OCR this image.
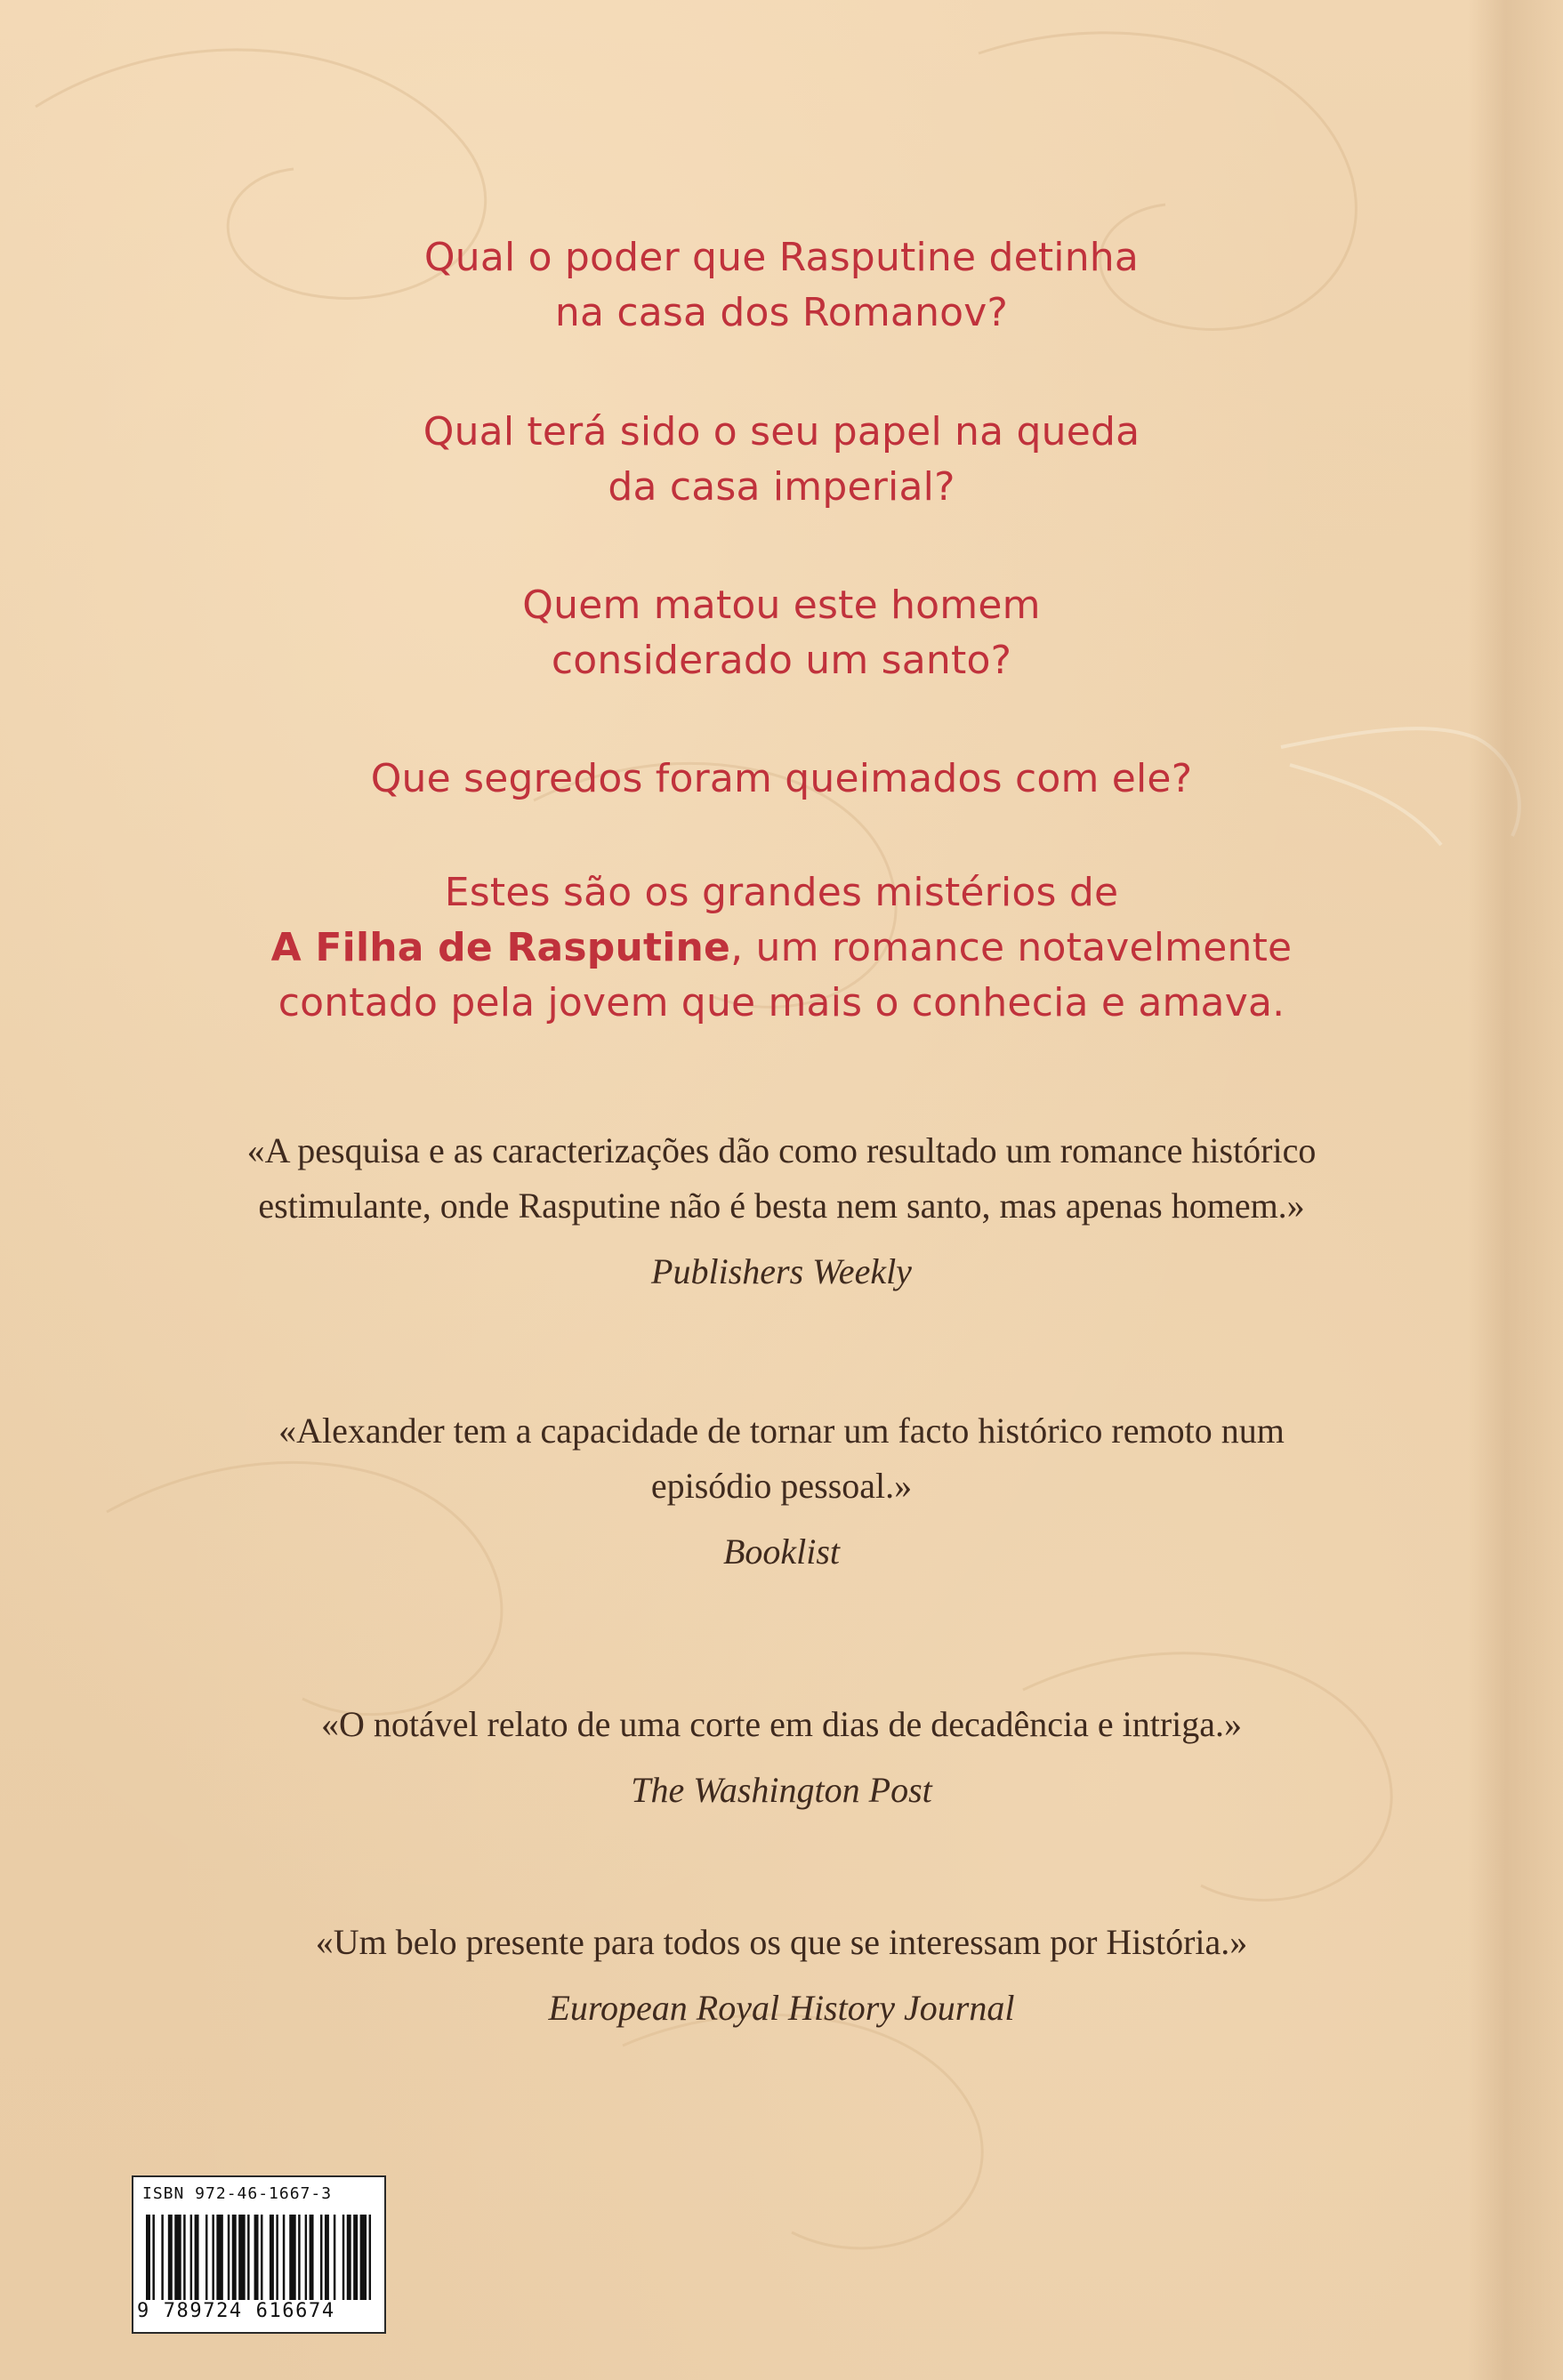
Qual o poder que Rasputine detinha
na casa dos Romanov?
Qual terá sido o seu papel na queda
da casa imperial?
Quem matou este homem
considerado um santo?
Que segredos foram queimados com ele?
Estes são os grandes mistérios de
A Filha de Rasputine, um romance notavelmente
contado pela jovem que mais o conhecia e amava.
«A pesquisa e as caracterizações dão como resultado um romance histórico
estimulante, onde Rasputine não é besta nem santo, mas apenas homem.»
Publishers Weekly
«Alexander tem a capacidade de tornar um facto histórico remoto num
episódio pessoal.»
Booklist
«O notável relato de uma corte em dias de decadência e intriga.»
The Washington Post
«Um belo presente para todos os que se interessam por História.»
European Royal History Journal
ISBN 972-46-1667-3
9 789724 616674
